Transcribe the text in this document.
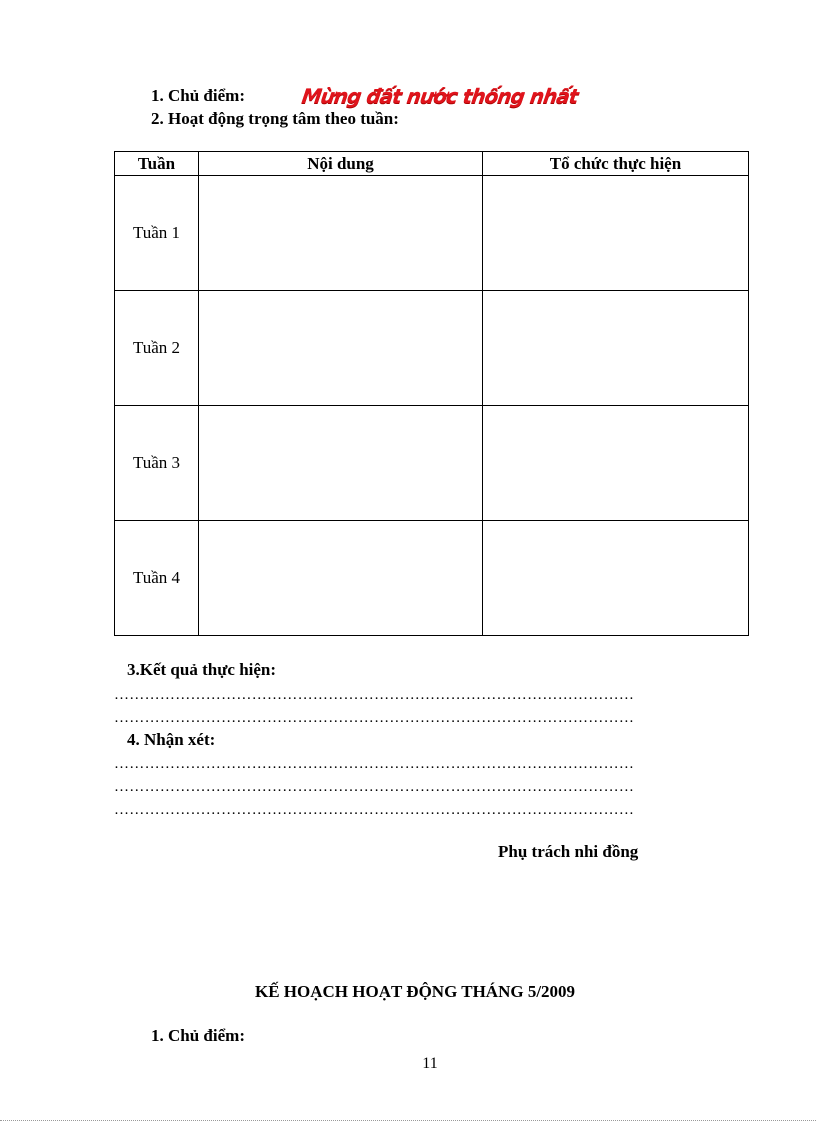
1. Chủ điểm:	Mừng đất nước thống nhất
2. Hoạt động trọng tâm theo tuần:
Tuần	Nội dung	Tổ chức thực hiện
Tuần 1		
Tuần 2		
Tuần 3		
Tuần 4		
3.Kết quả thực hiện:
…………………………………………………………………………………………
…………………………………………………………………………………………
4. Nhận xét:
…………………………………………………………………………………………
…………………………………………………………………………………………
…………………………………………………………………………………………
Phụ trách nhi đồng
KẾ HOẠCH HOẠT ĐỘNG THÁNG 5/2009
1. Chủ điểm:
11
